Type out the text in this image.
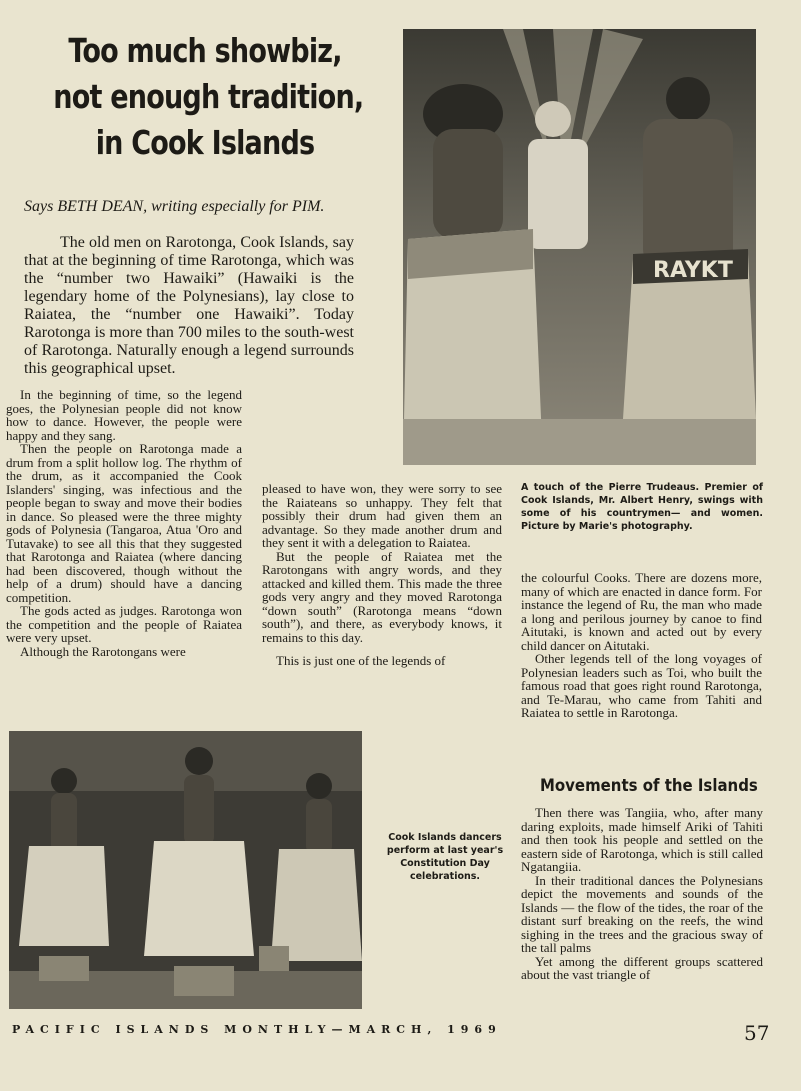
Too much showbiz,
not enough tradition,
in Cook Islands
Says BETH DEAN, writing especially for PIM.

The old men on Rarotonga, Cook Islands, say that at the beginning of time Rarotonga, which was the “number two Hawaiki” (Hawaiki is the legendary home of the Polynesians), lay close to Raiatea, the “number one Hawaiki”. Today Rarotonga is more than 700 miles to the south-west of Rarotonga. Naturally enough a legend surrounds this geographical upset.

RAYKT
A touch of the Pierre Trudeaus. Premier of Cook Islands, Mr. Albert Henry, swings with some of his countrymen— and women. Picture by Marie's photography.

In the beginning of time, so the legend goes, the Polynesian people did not know how to dance. However, the people were happy and they sang.

Then the people on Rarotonga made a drum from a split hollow log. The rhythm of the drum, as it accompanied the Cook Islanders' singing, was infectious and the people began to sway and move their bodies in dance. So pleased were the three mighty gods of Polynesia (Tangaroa, Atua 'Oro and Tutavake) to see all this that they suggested that Rarotonga and Raiatea (where dancing had been discovered, though without the help of a drum) should have a dancing competition.

The gods acted as judges. Rarotonga won the competition and the people of Raiatea were very upset.

Although the Rarotongans were

pleased to have won, they were sorry to see the Raiateans so unhappy. They felt that possibly their drum had given them an advantage. So they made another drum and they sent it with a delegation to Raiatea.

But the people of Raiatea met the Rarotongans with angry words, and they attacked and killed them. This made the three gods very angry and they moved Rarotonga “down south” (Rarotonga means “down south”), and there, as everybody knows, it remains to this day.

This is just one of the legends of

the colourful Cooks. There are dozens more, many of which are enacted in dance form. For instance the legend of Ru, the man who made a long and perilous journey by canoe to find Aitutaki, is known and acted out by every child dancer on Aitutaki.

Other legends tell of the long voyages of Polynesian leaders such as Toi, who built the famous road that goes right round Rarotonga, and Te-Marau, who came from Tahiti and Raiatea to settle in Rarotonga.

Movements of the Islands

Then there was Tangiia, who, after many daring exploits, made himself Ariki of Tahiti and then took his people and settled on the eastern side of Rarotonga, which is still called Ngatangiia.

In their traditional dances the Polynesians depict the movements and sounds of the Islands — the flow of the tides, the roar of the distant surf breaking on the reefs, the wind sighing in the trees and the gracious sway of the tall palms

Yet among the different groups scattered about the vast triangle of

Cook Islands dancers perform at last year's Constitution Day celebrations.
PACIFIC ISLANDS MONTHLY—MARCH, 1969	57
